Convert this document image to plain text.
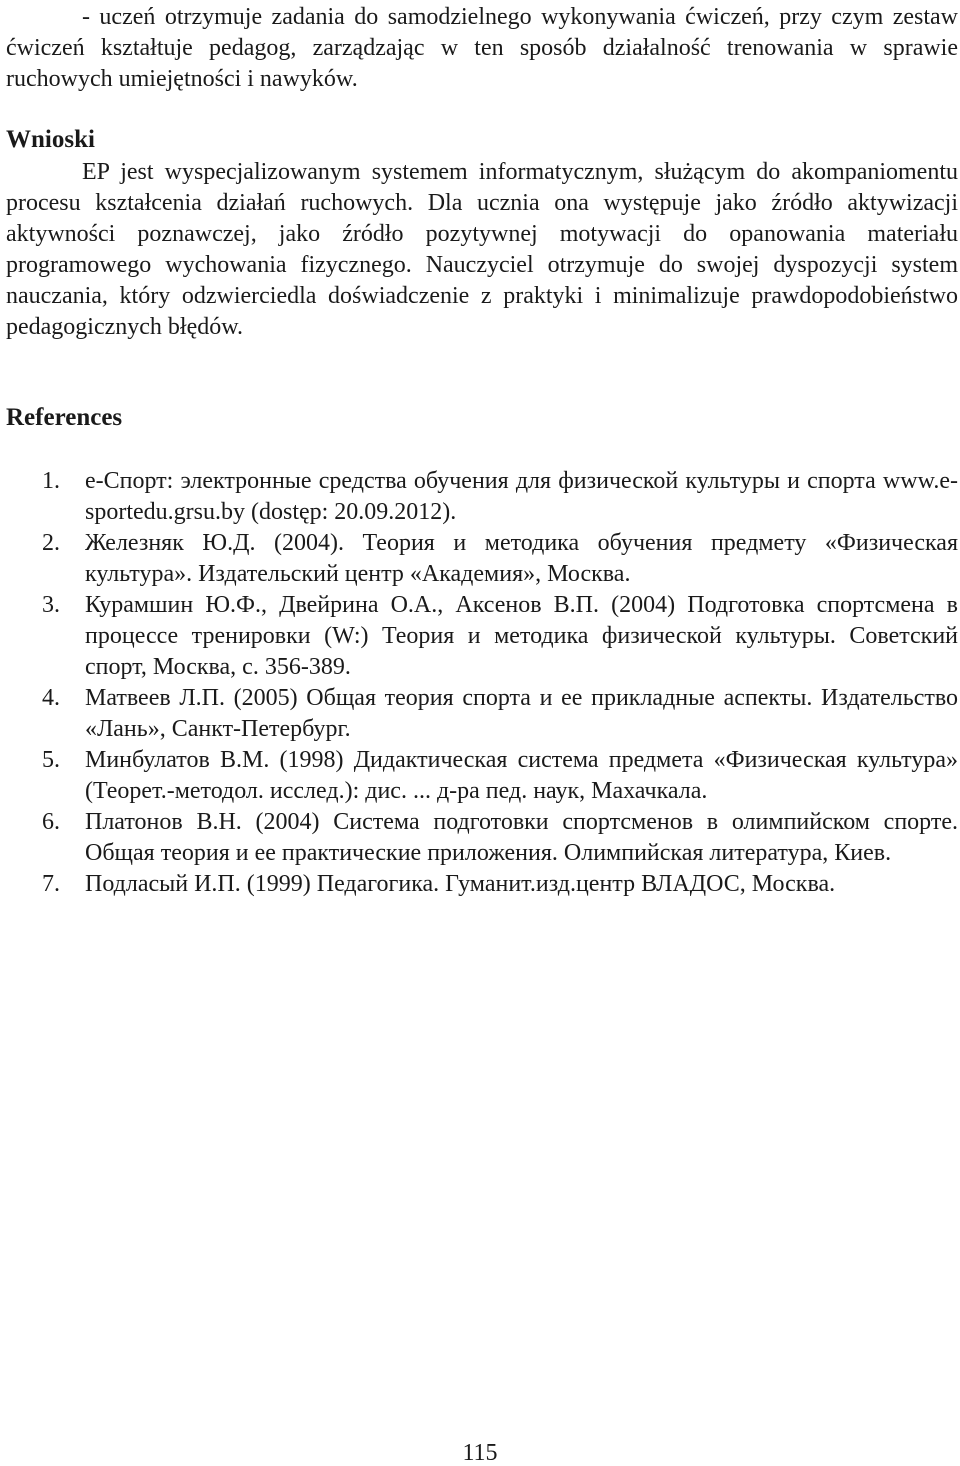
- uczeń otrzymuje zadania do samodzielnego wykonywania ćwiczeń, przy czym zestaw ćwiczeń kształtuje pedagog, zarządzając w ten sposób działalność trenowania w sprawie ruchowych umiejętności i nawyków.

Wnioski

EP jest wyspecjalizowanym systemem informatycznym, służącym do akompaniomentu procesu kształcenia działań ruchowych. Dla ucznia ona występuje jako źródło aktywizacji aktywności poznawczej, jako źródło pozytywnej motywacji do opanowania materiału programowego wychowania fizycznego. Nauczyciel otrzymuje do swojej dyspozycji system nauczania, który odzwierciedla doświadczenie z praktyki i minimalizuje prawdopodobieństwo pedagogicznych błędów.

References
1.	e-Спорт: электронные средства обучения для физической культуры и спорта www.e-sportedu.grsu.by (dostęp: 20.09.2012).
2.	Железняк Ю.Д. (2004). Теория и методика обучения предмету «Физическая культура». Издательский центр «Академия», Москва.
3.	Курамшин Ю.Ф., Двейрина О.А., Аксенов В.П. (2004) Подготовка спортсмена в процессе тренировки (W:) Теория и методика физической культуры. Советский спорт, Москва, с. 356-389.
4.	Матвеев Л.П. (2005) Общая теория спорта и ее прикладные аспекты. Издательство «Лань», Санкт-Петербург.
5.	Минбулатов В.М. (1998) Дидактическая система предмета «Физическая культура» (Теорет.-методол. исслед.): дис. ... д-ра пед. наук, Махачкала.
6.	Платонов В.Н. (2004) Система подготовки спортсменов в олимпийском спорте. Общая теория и ее практические приложения. Олимпийская литература, Киев.
7.	Подласый И.П. (1999) Педагогика. Гуманит.изд.центр ВЛАДОС, Москва.
115
